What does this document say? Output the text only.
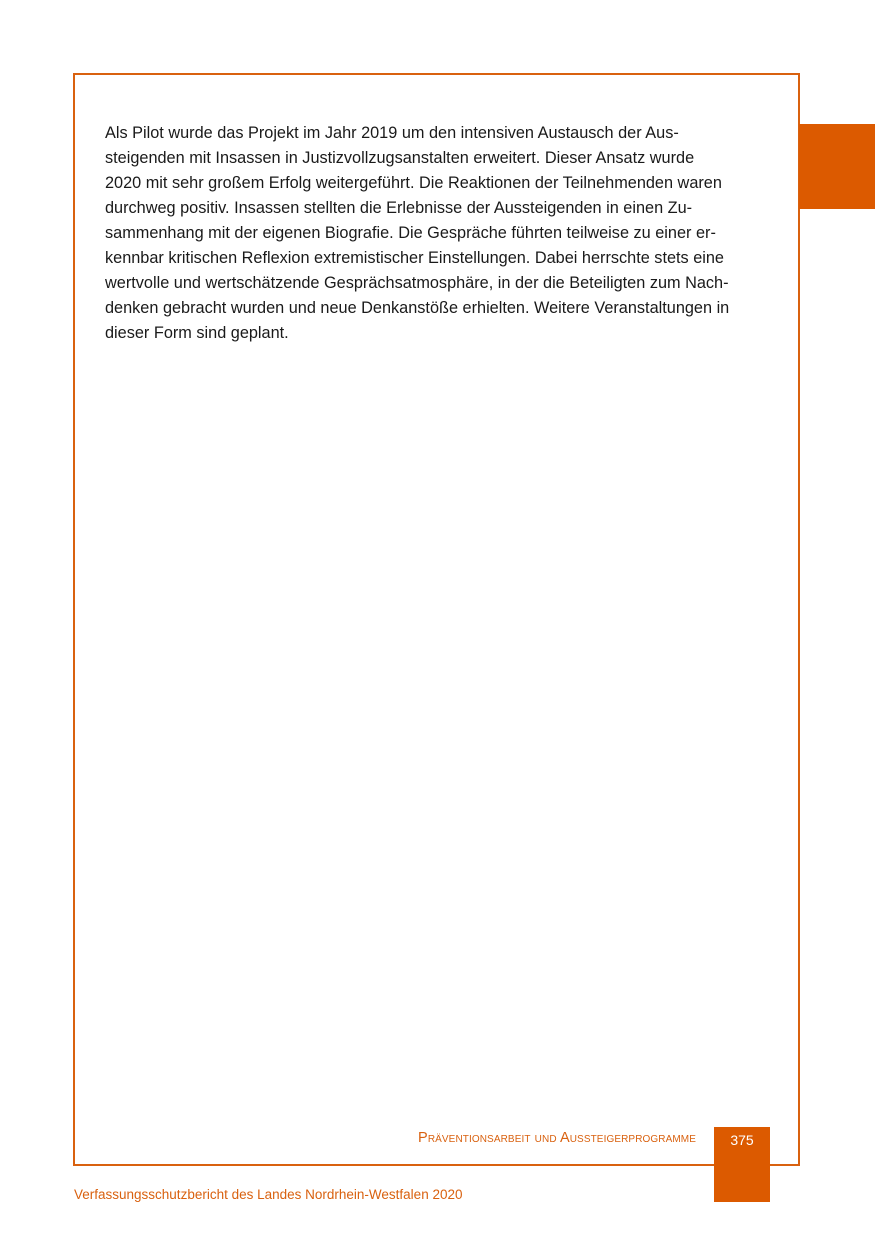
Als Pilot wurde das Projekt im Jahr 2019 um den intensiven Austausch der Aus-
steigenden mit Insassen in Justizvollzugsanstalten erweitert. Dieser Ansatz wurde
2020 mit sehr großem Erfolg weitergeführt. Die Reaktionen der Teilnehmenden waren
durchweg positiv. Insassen stellten die Erlebnisse der Aussteigenden in einen Zu-
sammenhang mit der eigenen Biografie. Die Gespräche führten teilweise zu einer er-
kennbar kritischen Reflexion extremistischer Einstellungen. Dabei herrschte stets eine
wertvolle und wertschätzende Gesprächsatmosphäre, in der die Beteiligten zum Nach-
denken gebracht wurden und neue Denkanstöße erhielten. Weitere Veranstaltungen in
dieser Form sind geplant.

Präventionsarbeit und Aussteigerprogramme	375
Verfassungsschutzbericht des Landes Nordrhein-Westfalen 2020
